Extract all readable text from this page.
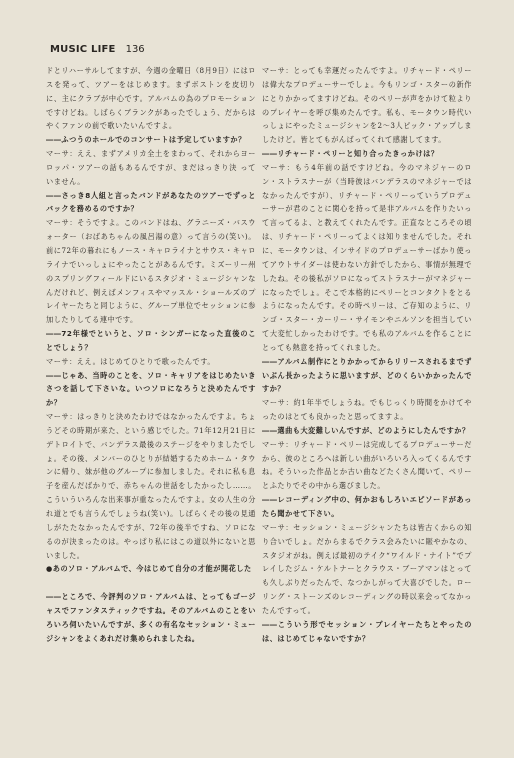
MUSIC LIFE 136

ドとリハーサルしてますが、今週の金曜日（8月9日）にはロスを発って、ツアーをはじめます。まずボストンを皮切りに、主にクラブが中心です。アルバムの為のプロモーションですけどね。しばらくブランクがあったでしょう、だからはやくファンの前で歌いたいんですよ。

――ふつうのホールでのコンサートは予定していますか？

マーサ：ええ、まずアメリカ全土をまわって、それからヨーロッパ・ツアーの話もあるんですが、まだはっきり決 っていません。

――さっき8人組と言ったバンドがあなたのツアーでずっとバックを務めるのですか？

マーサ：そうですよ。このバンドはね、グラニーズ・バスウォーター（おばあちゃんの風呂湯の意）って言うの(笑い)。前に72年の暮れにもノース・キャロライナとサウス・キャロライナでいっしょにやったことがあるんです。ミズーリー州のスプリングフィールドにいるスタジオ・ミュージシャンなんだけれど、例えばメンフィスやマッスル・ショールズのプレイヤーたちと同じように、グループ単位でセッションに参加したりしてる連中です。

――72年様でというと、ソロ・シンガーになった直後のことでしょう？

マーサ：ええ。はじめてひとりで歌ったんです。

――じゃあ、当時のことを、ソロ・キャリアをはじめたいきさつを話して下さいな。いつソロになろうと決めたんですか？

マーサ：はっきりと決めたわけではなかったんですよ。ちょうどその時期が来た、という感じでした。71年12月21日にデトロイトで、バンデラス最後のステージをやりましたでしょ。その後、メンバーのひとりが結婚するためホーム・タウンに帰り、妹が他のグループに参加しました。それに私も息子を産んだばかりで、赤ちゃんの世話をしたかったし……。こういういろんな出来事が重なったんですよ。女の人生の分れ道とでも言うんでしょうね(笑い)。しばらくその後の見通しがたたなかったんですが、72年の後半ですね、ソロになるのが決まったのは。やっぱり私にはこの道以外にないと思いました。

●あのソロ・アルバムで、今はじめて自分の才能が開花した

――ところで、今評判のソロ・アルバムは、とってもゴージャスでファンタスティックですね。そのアルバムのことをいろいろ伺いたいんですが、多くの有名なセッション・ミュージシャンをよくあれだけ集められましたね。

マーサ：とっても幸運だったんですよ。リチャード・ペリーは偉大なプロデューサーでしょ。今もリンゴ・スターの新作にとりかかってますけどね。そのペリーが声をかけて粒よりのプレイヤーを呼び集めたんです。私も、モータウン時代いっしょにやったミュージシャンを2～3人ピック・アップしましたけど。皆とてもがんばってくれて感謝してます。

――リチャード・ペリーと知り合ったきっかけは？

マーサ：もう4年前の話ですけどね。今のマネジャーのロン・ストラスナーが（当時彼はバンデラスのマネジャーではなかったんですが）、リチャード・ペリーっていうプロデューサーが君のことに関心を持って是非アルバムを作りたいって言ってるよ、と教えてくれたんです。正直なところその頃は、リチャード・ペリーってよくは知りませんでした。それに、モータウンは、インサイドのプロデューサーばかり使ってアウトサイダーは使わない方針でしたから、事情が無理でしたね。その後私がソロになってストラスナーがマネジャーになったでしょ。そこで本格的にペリーとコンタクトをとるようになったんです。その時ペリーは、ご存知のように、リンゴ・スター・カーリー・サイモンやニルソンを担当していて大変忙しかったわけです。でも私のアルバムを作ることにとっても熱意を持ってくれました。

――アルバム制作にとりかかってからリリースされるまでずいぶん長かったように思いますが、どのくらいかかったんですか？

マーサ：約1年半でしょうね。でもじっくり時間をかけてやったのはとても良かったと思ってますよ。

――選曲も大変難しいんですが、どのようにしたんですか？

マーサ：リチャード・ペリーは完成してるプロデューサーだから、彼のところへは新しい曲がいろいろ入ってくるんですね。そういった作品とか古い曲などたくさん聞いて、ペリーとふたりでその中から選びました。

――レコーディング中の、何かおもしろいエピソードがあったら聞かせて下さい。

マーサ：セッション・ミュージシャンたちは皆古くからの知り合いでしょ。だからまるでクラス会みたいに賑やかなの、スタジオがね。例えば最初のテイク“ワイルド・ナイト”でプレイしたジム・ケルトナーとクラウス・ブーアマンはとっても久しぶりだったんで、なつかしがって大喜びでした。ローリング・ストーンズのレコーディングの時以来会ってなかったんですって。

――こういう形でセッション・プレイヤーたちとやったのは、はじめてじゃないですか？
